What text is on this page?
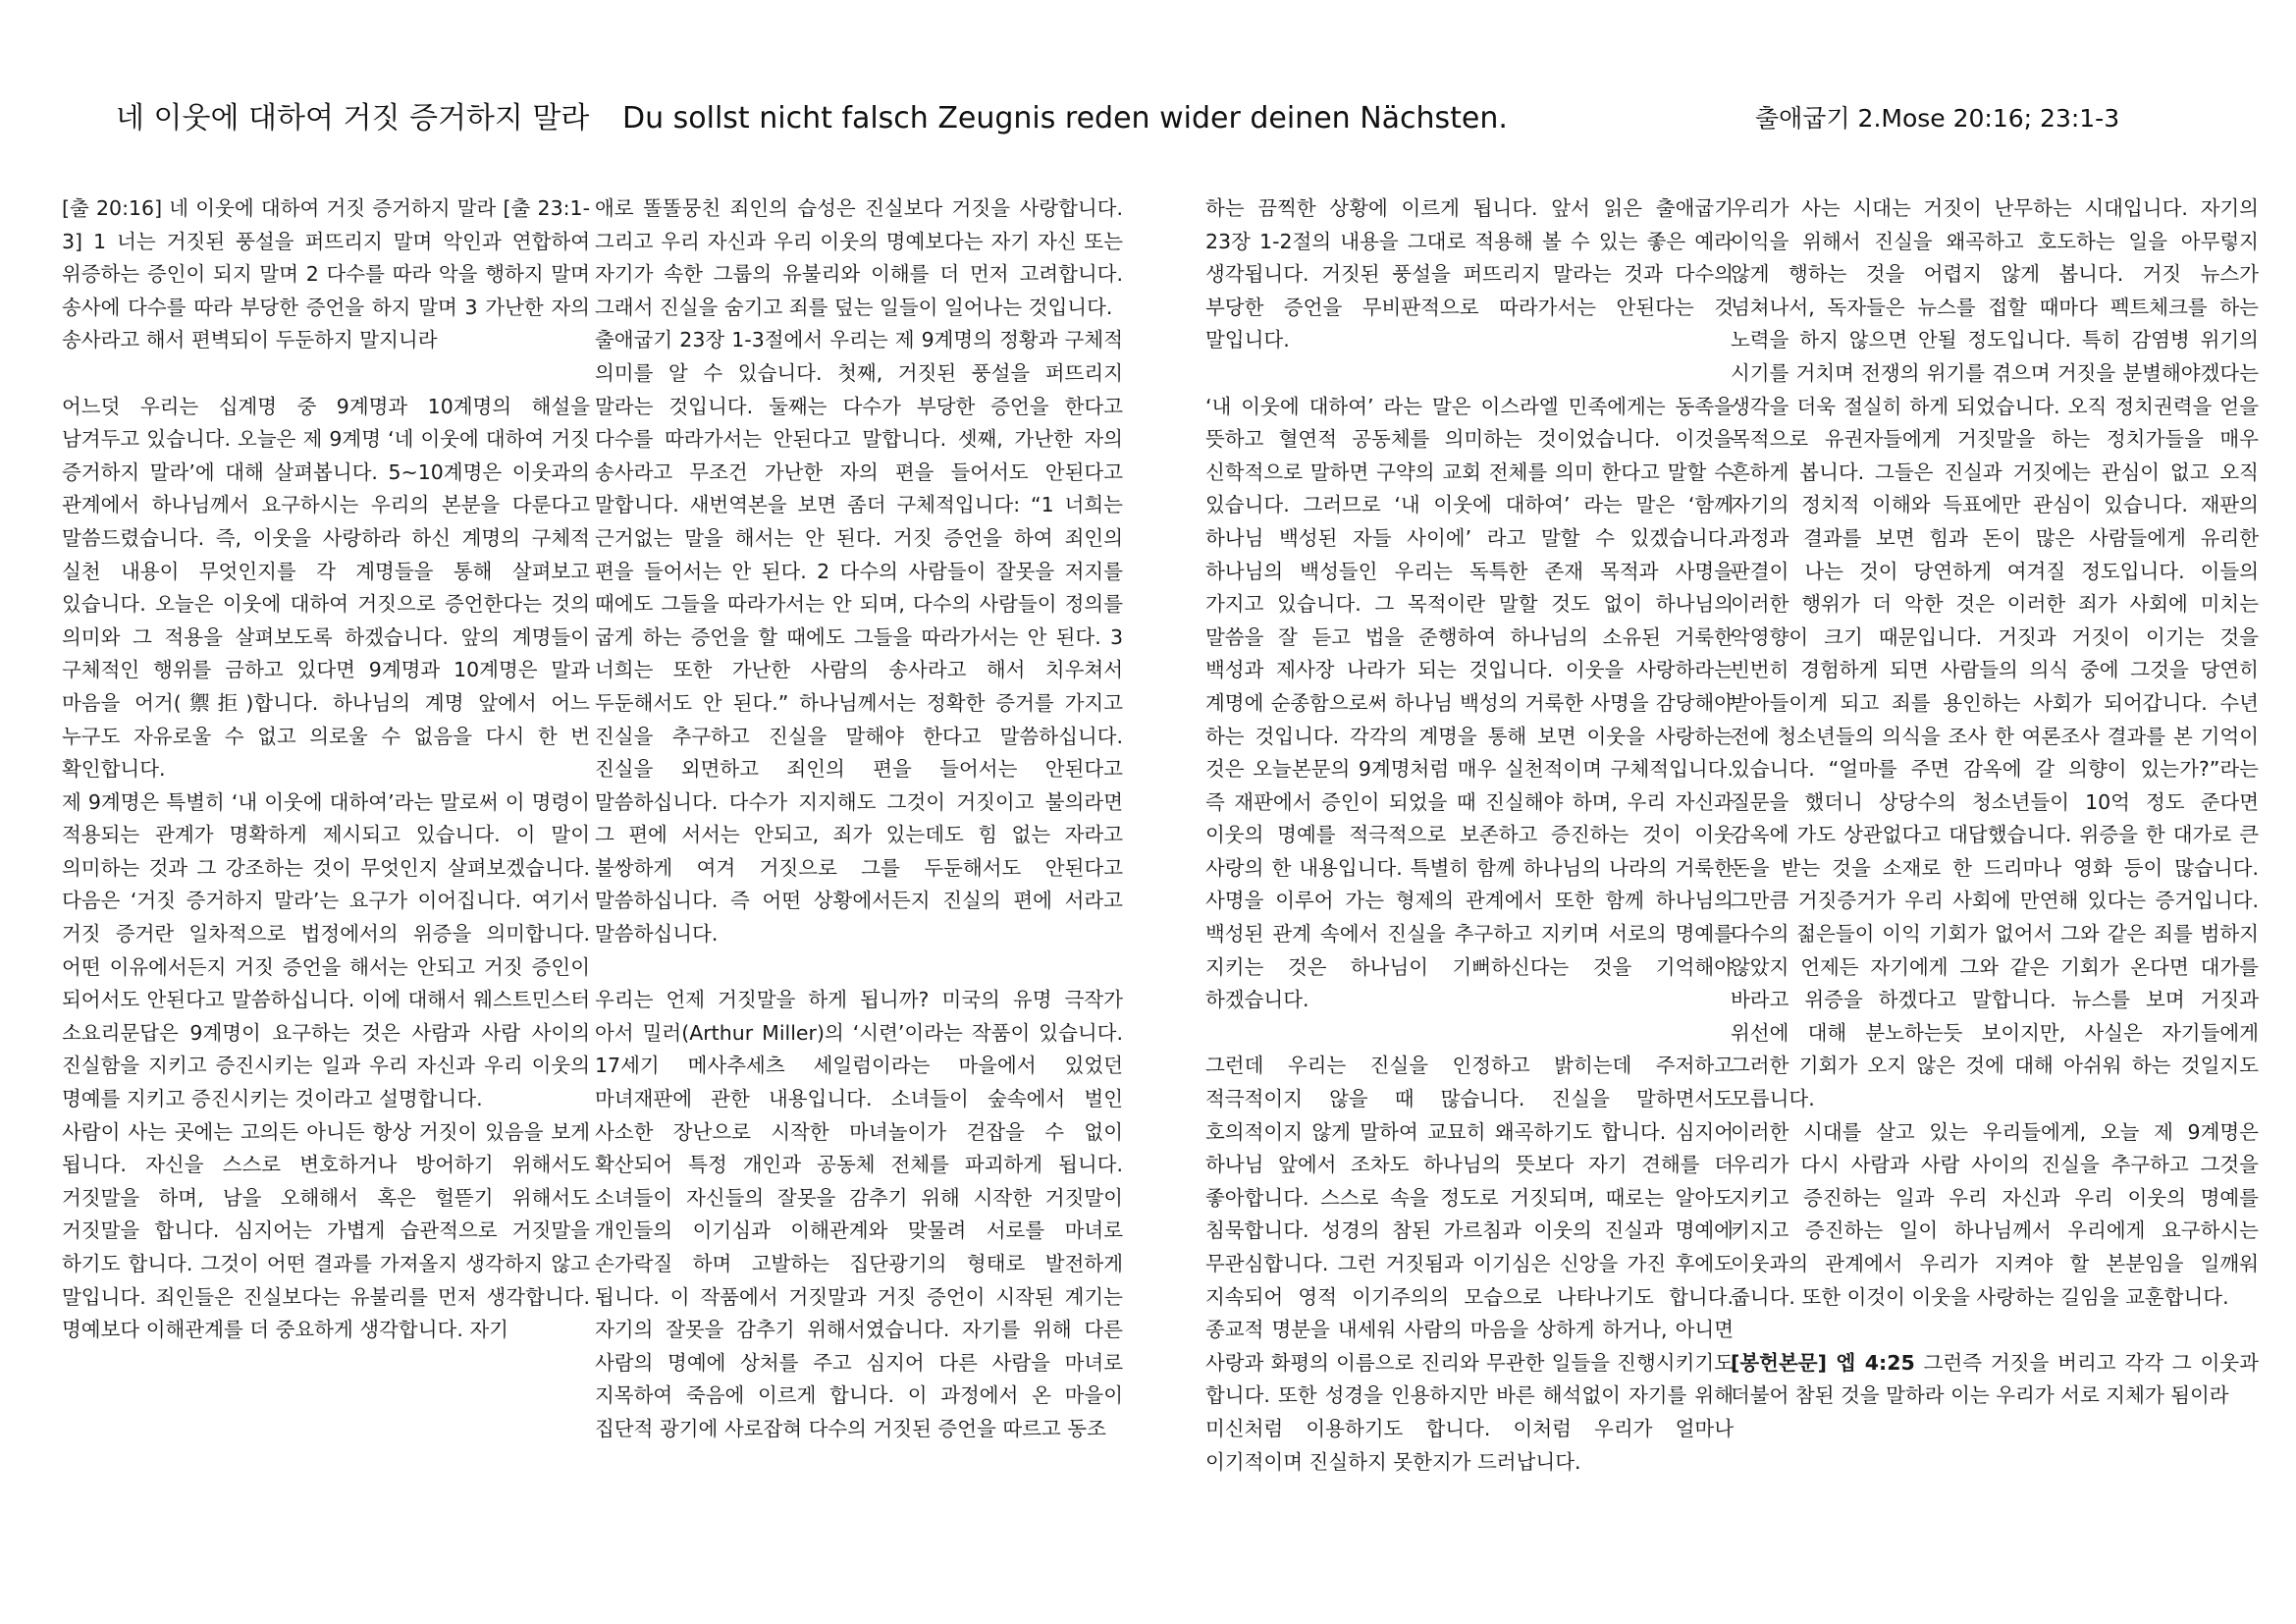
네 이웃에 대하여 거짓 증거하지 말라 Du sollst nicht falsch Zeugnis reden wider deinen Nächsten.	출애굽기 2.Mose 20:16; 23:1-3

[출 20:16] 네 이웃에 대하여 거짓 증거하지 말라 [출 23:1-3] 1 너는 거짓된 풍설을 퍼뜨리지 말며 악인과 연합하여 위증하는 증인이 되지 말며 2 다수를 따라 악을 행하지 말며 송사에 다수를 따라 부당한 증언을 하지 말며 3 가난한 자의 송사라고 해서 편벽되이 두둔하지 말지니라

어느덧 우리는 십계명 중 9계명과 10계명의 해설을 남겨두고 있습니다. 오늘은 제 9계명 ‘네 이웃에 대하여 거짓 증거하지 말라’에 대해 살펴봅니다. 5~10계명은 이웃과의 관계에서 하나님께서 요구하시는 우리의 본분을 다룬다고 말씀드렸습니다. 즉, 이웃을 사랑하라 하신 계명의 구체적 실천 내용이 무엇인지를 각 계명들을 통해 살펴보고 있습니다. 오늘은 이웃에 대하여 거짓으로 증언한다는 것의 의미와 그 적용을 살펴보도록 하겠습니다. 앞의 계명들이 구체적인 행위를 금하고 있다면 9계명과 10계명은 말과 마음을 어거(禦拒)합니다. 하나님의 계명 앞에서 어느 누구도 자유로울 수 없고 의로울 수 없음을 다시 한 번 확인합니다.

제 9계명은 특별히 ‘내 이웃에 대하여’라는 말로써 이 명령이 적용되는 관계가 명확하게 제시되고 있습니다. 이 말이 의미하는 것과 그 강조하는 것이 무엇인지 살펴보겠습니다. 다음은 ‘거짓 증거하지 말라’는 요구가 이어집니다. 여기서 거짓 증거란 일차적으로 법정에서의 위증을 의미합니다. 어떤 이유에서든지 거짓 증언을 해서는 안되고 거짓 증인이 되어서도 안된다고 말씀하십니다. 이에 대해서 웨스트민스터 소요리문답은 9계명이 요구하는 것은 사람과 사람 사이의 진실함을 지키고 증진시키는 일과 우리 자신과 우리 이웃의 명예를 지키고 증진시키는 것이라고 설명합니다.

사람이 사는 곳에는 고의든 아니든 항상 거짓이 있음을 보게 됩니다. 자신을 스스로 변호하거나 방어하기 위해서도 거짓말을 하며, 남을 오해해서 혹은 헐뜯기 위해서도 거짓말을 합니다. 심지어는 가볍게 습관적으로 거짓말을 하기도 합니다. 그것이 어떤 결과를 가져올지 생각하지 않고 말입니다. 죄인들은 진실보다는 유불리를 먼저 생각합니다. 명예보다 이해관계를 더 중요하게 생각합니다. 자기

애로 똘똘뭉친 죄인의 습성은 진실보다 거짓을 사랑합니다. 그리고 우리 자신과 우리 이웃의 명예보다는 자기 자신 또는 자기가 속한 그룹의 유불리와 이해를 더 먼저 고려합니다. 그래서 진실을 숨기고 죄를 덮는 일들이 일어나는 것입니다.

출애굽기 23장 1-3절에서 우리는 제 9계명의 정황과 구체적 의미를 알 수 있습니다. 첫째, 거짓된 풍설을 퍼뜨리지 말라는 것입니다. 둘째는 다수가 부당한 증언을 한다고 다수를 따라가서는 안된다고 말합니다. 셋째, 가난한 자의 송사라고 무조건 가난한 자의 편을 들어서도 안된다고 말합니다. 새번역본을 보면 좀더 구체적입니다: “1 너희는 근거없는 말을 해서는 안 된다. 거짓 증언을 하여 죄인의 편을 들어서는 안 된다. 2 다수의 사람들이 잘못을 저지를 때에도 그들을 따라가서는 안 되며, 다수의 사람들이 정의를 굽게 하는 증언을 할 때에도 그들을 따라가서는 안 된다. 3 너희는 또한 가난한 사람의 송사라고 해서 치우쳐서 두둔해서도 안 된다.” 하나님께서는 정확한 증거를 가지고 진실을 추구하고 진실을 말해야 한다고 말씀하십니다. 진실을 외면하고 죄인의 편을 들어서는 안된다고 말씀하십니다. 다수가 지지해도 그것이 거짓이고 불의라면 그 편에 서서는 안되고, 죄가 있는데도 힘 없는 자라고 불쌍하게 여겨 거짓으로 그를 두둔해서도 안된다고 말씀하십니다. 즉 어떤 상황에서든지 진실의 편에 서라고 말씀하십니다.

우리는 언제 거짓말을 하게 됩니까? 미국의 유명 극작가 아서 밀러(Arthur Miller)의 ‘시련’이라는 작품이 있습니다. 17세기 메사추세츠 세일럼이라는 마을에서 있었던 마녀재판에 관한 내용입니다. 소녀들이 숲속에서 벌인 사소한 장난으로 시작한 마녀놀이가 걷잡을 수 없이 확산되어 특정 개인과 공동체 전체를 파괴하게 됩니다. 소녀들이 자신들의 잘못을 감추기 위해 시작한 거짓말이 개인들의 이기심과 이해관계와 맞물려 서로를 마녀로 손가락질 하며 고발하는 집단광기의 형태로 발전하게 됩니다. 이 작품에서 거짓말과 거짓 증언이 시작된 계기는 자기의 잘못을 감추기 위해서였습니다. 자기를 위해 다른 사람의 명예에 상처를 주고 심지어 다른 사람을 마녀로 지목하여 죽음에 이르게 합니다. 이 과정에서 온 마을이 집단적 광기에 사로잡혀 다수의 거짓된 증언을 따르고 동조

하는 끔찍한 상황에 이르게 됩니다. 앞서 읽은 출애굽기 23장 1-2절의 내용을 그대로 적용해 볼 수 있는 좋은 예라 생각됩니다. 거짓된 풍설을 퍼뜨리지 말라는 것과 다수의 부당한 증언을 무비판적으로 따라가서는 안된다는 것 말입니다.

‘내 이웃에 대하여’ 라는 말은 이스라엘 민족에게는 동족을 뜻하고 혈연적 공동체를 의미하는 것이었습니다. 이것을 신학적으로 말하면 구약의 교회 전체를 의미 한다고 말할 수 있습니다. 그러므로 ‘내 이웃에 대하여’ 라는 말은 ‘함께 하나님 백성된 자들 사이에’ 라고 말할 수 있겠습니다. 하나님의 백성들인 우리는 독특한 존재 목적과 사명을 가지고 있습니다. 그 목적이란 말할 것도 없이 하나님의 말씀을 잘 듣고 법을 준행하여 하나님의 소유된 거룩한 백성과 제사장 나라가 되는 것입니다. 이웃을 사랑하라는 계명에 순종함으로써 하나님 백성의 거룩한 사명을 감당해야 하는 것입니다. 각각의 계명을 통해 보면 이웃을 사랑하는 것은 오늘본문의 9계명처럼 매우 실천적이며 구체적입니다. 즉 재판에서 증인이 되었을 때 진실해야 하며, 우리 자신과 이웃의 명예를 적극적으로 보존하고 증진하는 것이 이웃 사랑의 한 내용입니다. 특별히 함께 하나님의 나라의 거룩한 사명을 이루어 가는 형제의 관계에서 또한 함께 하나님의 백성된 관계 속에서 진실을 추구하고 지키며 서로의 명예를 지키는 것은 하나님이 기뻐하신다는 것을 기억해야 하겠습니다.

그런데 우리는 진실을 인정하고 밝히는데 주저하고 적극적이지 않을 때 많습니다. 진실을 말하면서도 호의적이지 않게 말하여 교묘히 왜곡하기도 합니다. 심지어 하나님 앞에서 조차도 하나님의 뜻보다 자기 견해를 더 좋아합니다. 스스로 속을 정도로 거짓되며, 때로는 알아도 침묵합니다. 성경의 참된 가르침과 이웃의 진실과 명예에 무관심합니다. 그런 거짓됨과 이기심은 신앙을 가진 후에도 지속되어 영적 이기주의의 모습으로 나타나기도 합니다. 종교적 명분을 내세워 사람의 마음을 상하게 하거나, 아니면 사랑과 화평의 이름으로 진리와 무관한 일들을 진행시키기도 합니다. 또한 성경을 인용하지만 바른 해석없이 자기를 위해 미신처럼 이용하기도 합니다. 이처럼 우리가 얼마나 이기적이며 진실하지 못한지가 드러납니다.

우리가 사는 시대는 거짓이 난무하는 시대입니다. 자기의 이익을 위해서 진실을 왜곡하고 호도하는 일을 아무렇지 않게 행하는 것을 어렵지 않게 봅니다. 거짓 뉴스가 넘쳐나서, 독자들은 뉴스를 접할 때마다 펙트체크를 하는 노력을 하지 않으면 안될 정도입니다. 특히 감염병 위기의 시기를 거치며 전쟁의 위기를 겪으며 거짓을 분별해야겠다는 생각을 더욱 절실히 하게 되었습니다. 오직 정치권력을 얻을 목적으로 유권자들에게 거짓말을 하는 정치가들을 매우 흔하게 봅니다. 그들은 진실과 거짓에는 관심이 없고 오직 자기의 정치적 이해와 득표에만 관심이 있습니다. 재판의 과정과 결과를 보면 힘과 돈이 많은 사람들에게 유리한 판결이 나는 것이 당연하게 여겨질 정도입니다. 이들의 이러한 행위가 더 악한 것은 이러한 죄가 사회에 미치는 악영향이 크기 때문입니다. 거짓과 거짓이 이기는 것을 빈번히 경험하게 되면 사람들의 의식 중에 그것을 당연히 받아들이게 되고 죄를 용인하는 사회가 되어갑니다. 수년 전에 청소년들의 의식을 조사 한 여론조사 결과를 본 기억이 있습니다. “얼마를 주면 감옥에 갈 의향이 있는가?”라는 질문을 했더니 상당수의 청소년들이 10억 정도 준다면 감옥에 가도 상관없다고 대답했습니다. 위증을 한 대가로 큰 돈을 받는 것을 소재로 한 드리마나 영화 등이 많습니다. 그만큼 거짓증거가 우리 사회에 만연해 있다는 증거입니다. 다수의 젊은들이 이익 기회가 없어서 그와 같은 죄를 범하지 않았지 언제든 자기에게 그와 같은 기회가 온다면 대가를 바라고 위증을 하겠다고 말합니다. 뉴스를 보며 거짓과 위선에 대해 분노하는듯 보이지만, 사실은 자기들에게 그러한 기회가 오지 않은 것에 대해 아쉬워 하는 것일지도 모릅니다.

이러한 시대를 살고 있는 우리들에게, 오늘 제 9계명은 우리가 다시 사람과 사람 사이의 진실을 추구하고 그것을 지키고 증진하는 일과 우리 자신과 우리 이웃의 명예를 키지고 증진하는 일이 하나님께서 우리에게 요구하시는 이웃과의 관계에서 우리가 지켜야 할 본분임을 일깨워 줍니다. 또한 이것이 이웃을 사랑하는 길임을 교훈합니다.

[봉헌본문] 엡 4:25 그런즉 거짓을 버리고 각각 그 이웃과 더불어 참된 것을 말하라 이는 우리가 서로 지체가 됨이라
